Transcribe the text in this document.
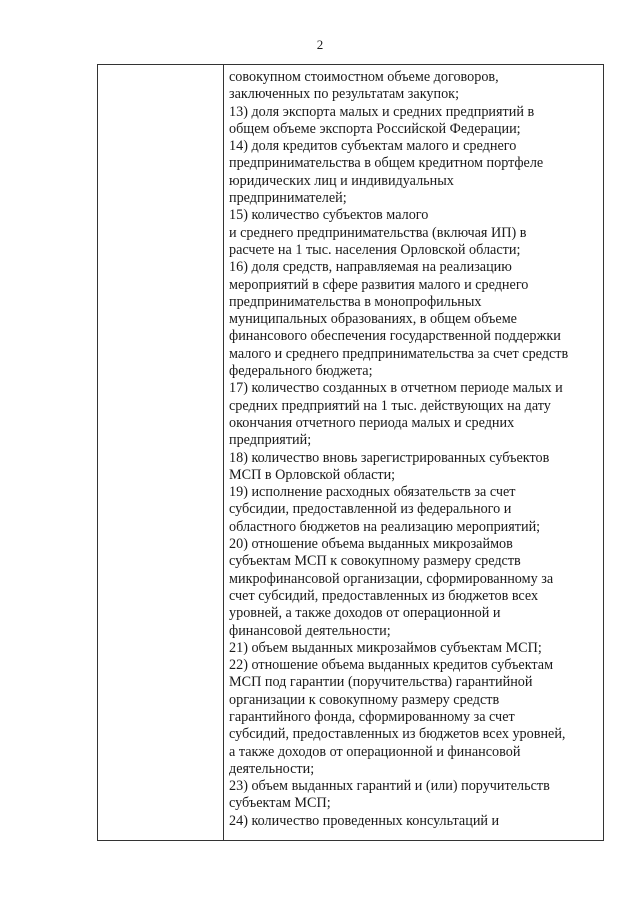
2
совокупном стоимостном объеме договоров,
заключенных по результатам закупок;
13) доля экспорта малых и средних предприятий в
общем объеме экспорта Российской Федерации;
14) доля кредитов субъектам малого и среднего
предпринимательства в общем кредитном портфеле
юридических лиц и индивидуальных
предпринимателей;
15) количество субъектов малого
и среднего предпринимательства (включая ИП) в
расчете на 1 тыс. населения Орловской области;
16) доля средств, направляемая на реализацию
мероприятий в сфере развития малого и среднего
предпринимательства в монопрофильных
муниципальных образованиях, в общем объеме
финансового обеспечения государственной поддержки
малого и среднего предпринимательства за счет средств
федерального бюджета;
17) количество созданных в отчетном периоде малых и
средних предприятий на 1 тыс. действующих на дату
окончания отчетного периода малых и средних
предприятий;
18) количество вновь зарегистрированных субъектов
МСП в Орловской области;
19) исполнение расходных обязательств за счет
субсидии, предоставленной из федерального и
областного бюджетов на реализацию мероприятий;
20) отношение объема выданных микрозаймов
субъектам МСП к совокупному размеру средств
микрофинансовой организации, сформированному за
счет субсидий, предоставленных из бюджетов всех
уровней, а также доходов от операционной и
финансовой деятельности;
21) объем выданных микрозаймов субъектам МСП;
22) отношение объема выданных кредитов субъектам
МСП под гарантии (поручительства) гарантийной
организации к совокупному размеру средств
гарантийного фонда, сформированному за счет
субсидий, предоставленных из бюджетов всех уровней,
а также доходов от операционной и финансовой
деятельности;
23) объем выданных гарантий и (или) поручительств
субъектам МСП;
24) количество проведенных консультаций и
